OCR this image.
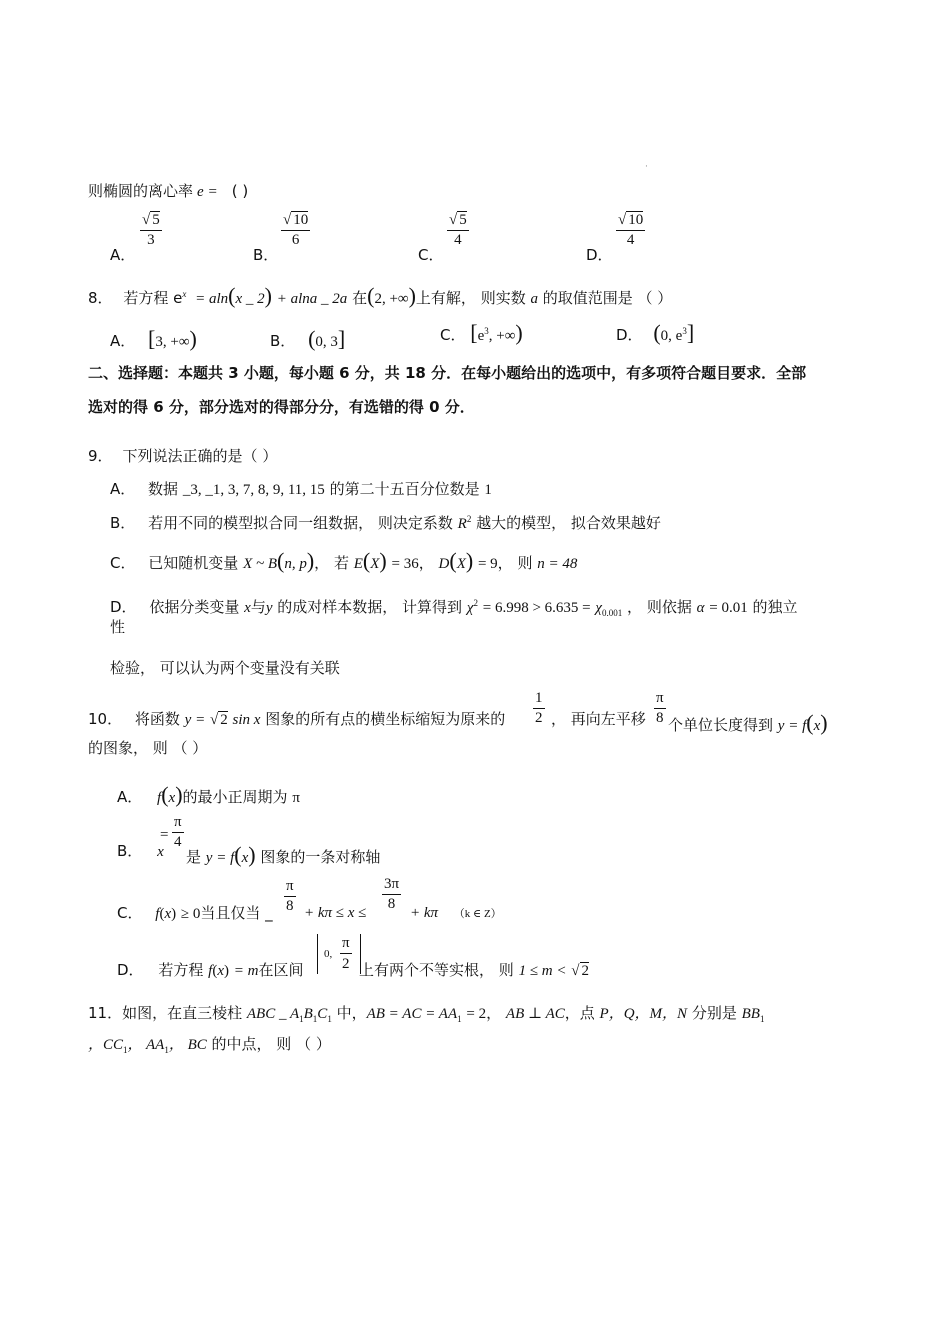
·
则椭圆的离心率 e = ( )
A．
$\frac{√ 5}{3}$
B．
$\frac{√ 10}{6}$
C．
$\frac{√ 5}{4}$
D．
$\frac{√ 10}{4}$
8． 若方程 $e^x = aln(x$ _ 2) + alna _ 2a 在(2, +∞)上有解， 则实数 a 的取值范围是 （ ）
A． [3, +∞)	B． (0, 3]	C． [$e^3$, +∞)	D． (0, $e^3$]
二、选择题：本题共 3 小题，每小题 6 分，共 18 分．在每小题给出的选项中，有多项符合题目要求．全部
选对的得 6 分，部分选对的得部分分，有选错的得 0 分．
9． 下列说法正确的是（ ）
A． 数据 _3, _1, 3, 7, 8, 9, 11, 15 的第二十五百分位数是 1
B． 若用不同的模型拟合同一组数据， 则决定系数 $R^2$ 越大的模型， 拟合效果越好
C． 已知随机变量 X ~ B(n, p)， 若 E(X) = 36， D(X) = 9， 则 n = 48
D． 依据分类变量 x与y 的成对样本数据， 计算得到 $\chi^2 = 6.998 > 6.635 = \chi_{0.001}$ ， 则依据 α = 0.01 的独立
性
检验， 可以认为两个变量没有关联
10． 将函数 y = √ 2 sin x 图象的所有点的横坐标缩短为原来的 $\frac{1}{2}$ ， 再向左平移 $\frac{\pi}{8}$ 个单位长度得到 y = f(x)
的图象， 则 （ ）
A． f(x)的最小正周期为 π
B． x
= $\frac{\pi}{4}$
是 y = f(x) 图象的一条对称轴
C． f(x) ≥ 0当且仅当 _ $\frac{\pi}{8} + k\pi \le x \le \frac{3\pi}{8} + k\pi$ （k ∈ Z）
D． 若方程 f(x) = m在区间
0, $\frac{\pi}{2}$ 上有两个不等实根， 则 1 ≤ m < √ 2
11．如图，在直三棱柱 ABC _ $A_1B_1C_1$ 中，AB = AC = $AA_1 = 2$， AB ⊥ AC，点 P，Q，M，N 分别是 $BB_1$
，$CC_1$， $AA_1$， BC 的中点， 则 （ ）
